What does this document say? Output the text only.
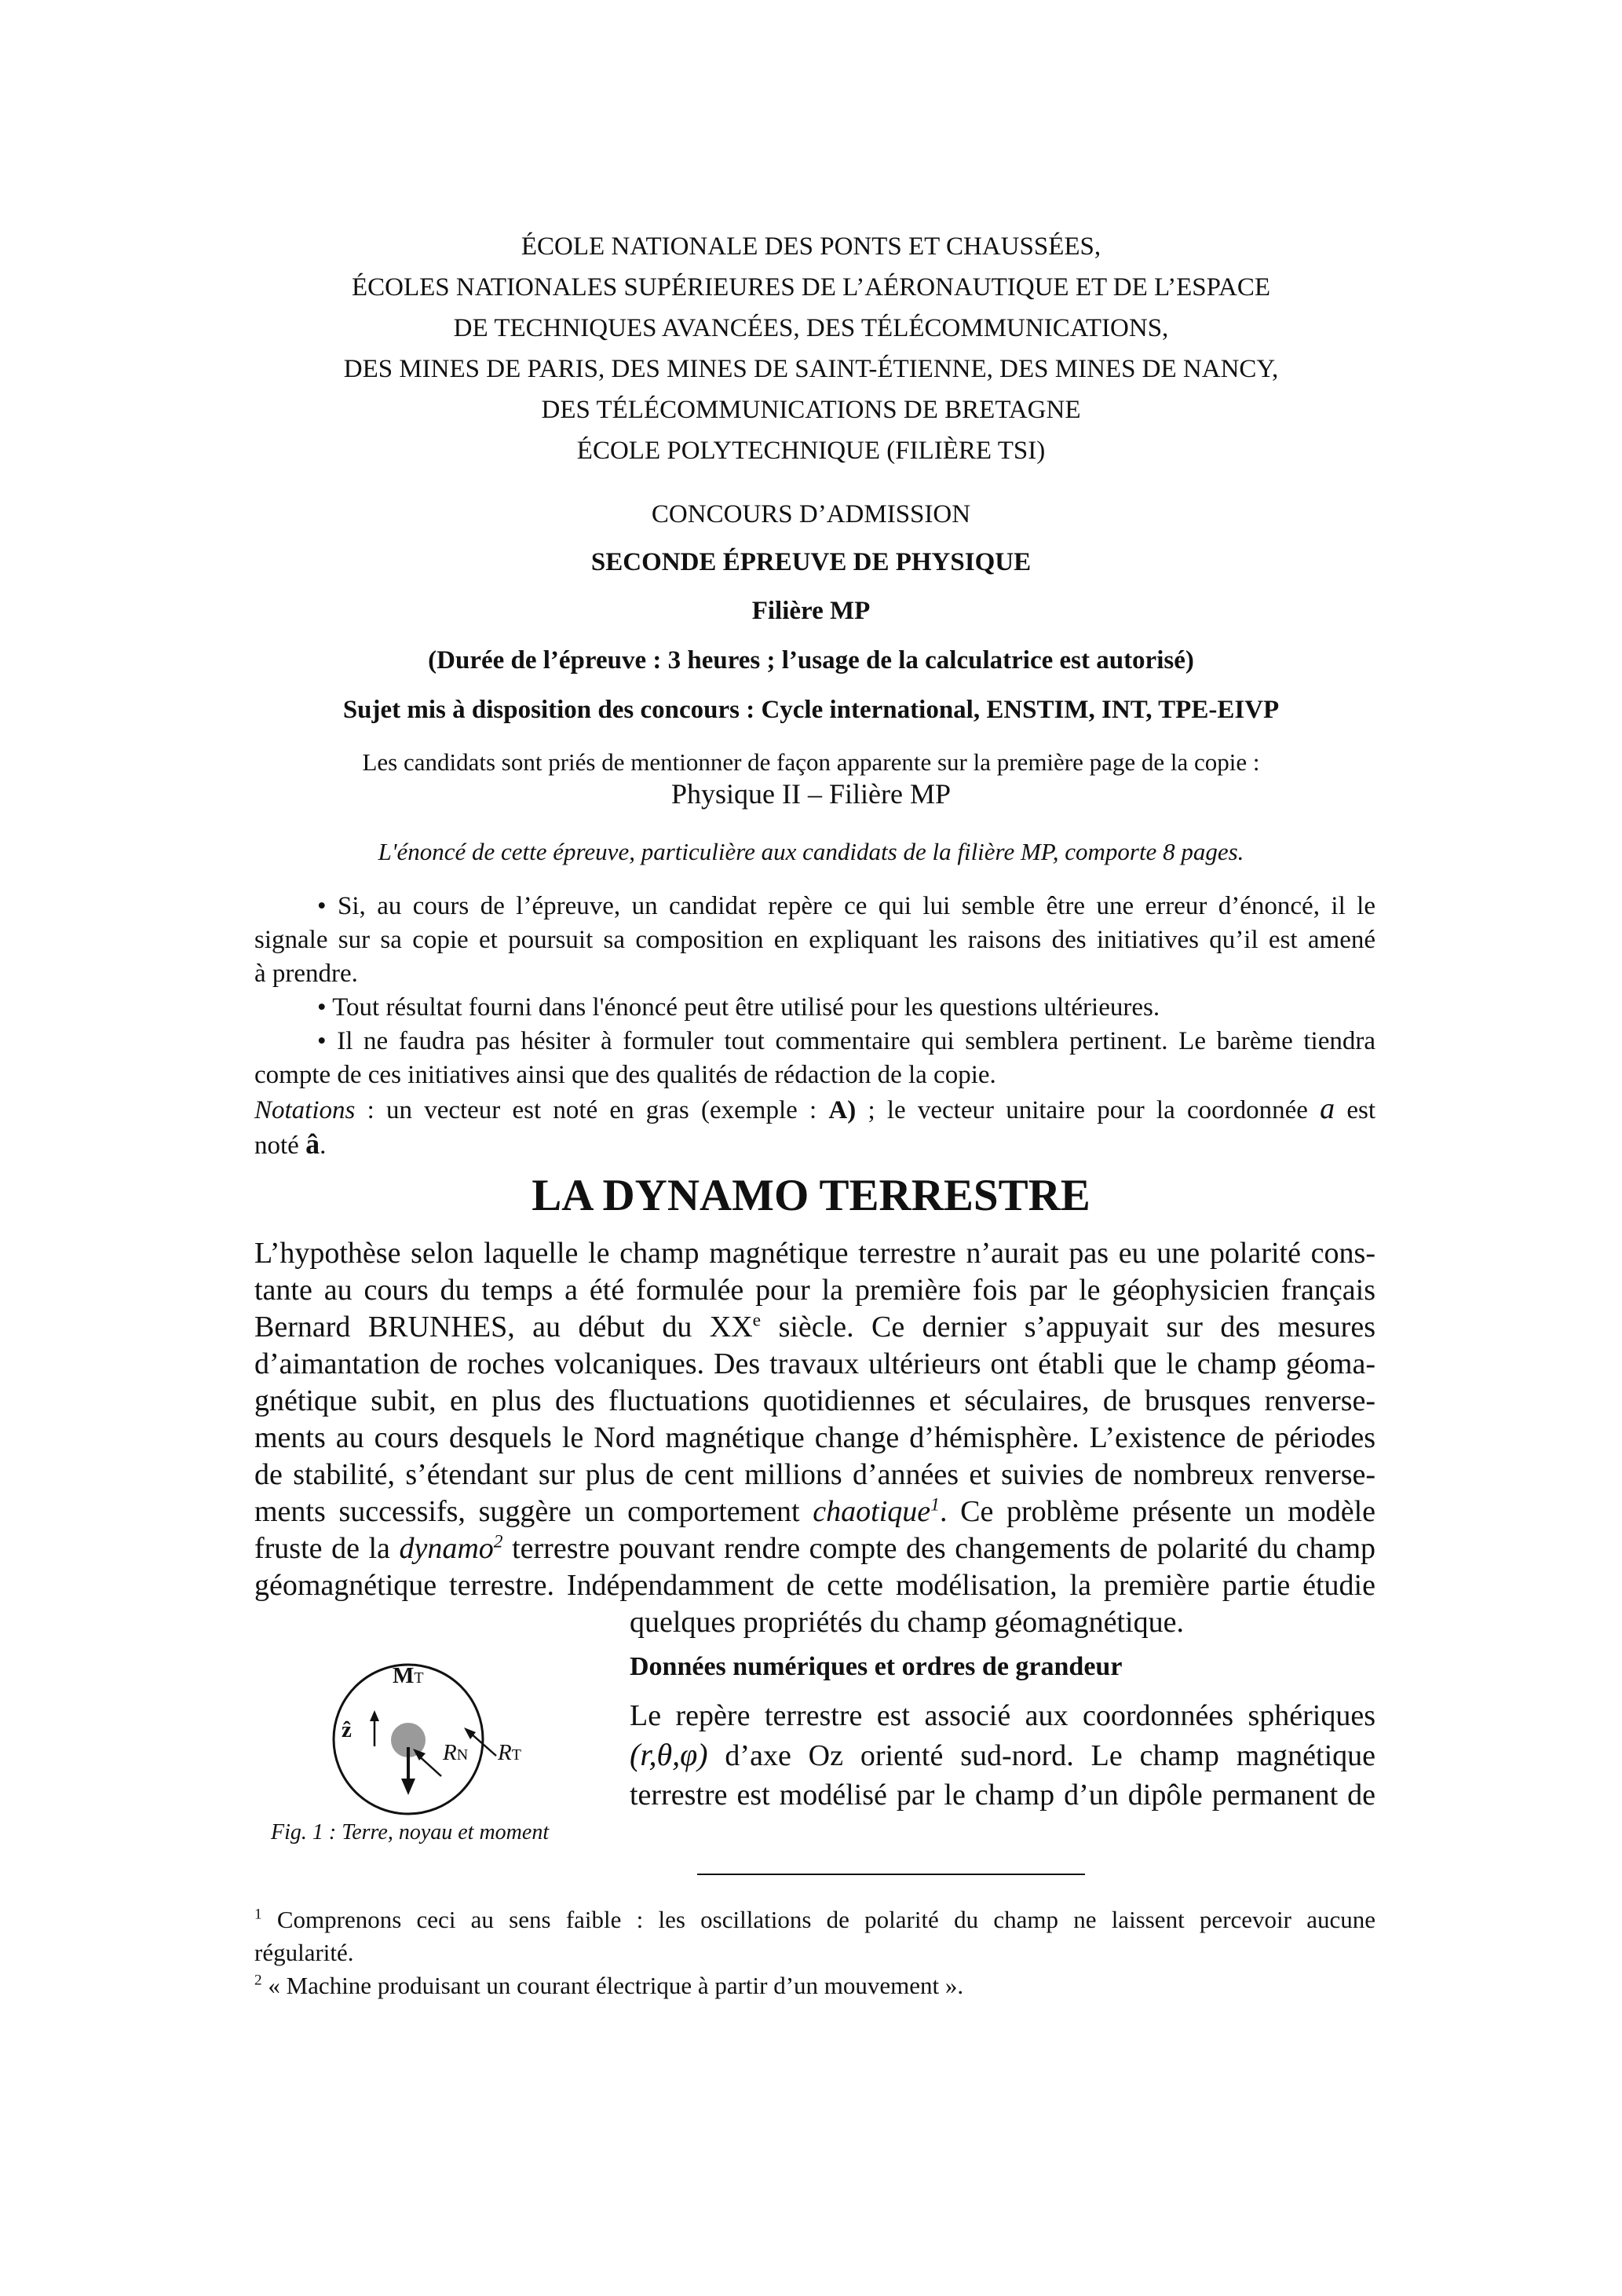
ÉCOLE NATIONALE DES PONTS ET CHAUSSÉES,
ÉCOLES NATIONALES SUPÉRIEURES DE L’AÉRONAUTIQUE ET DE L’ESPACE
DE TECHNIQUES AVANCÉES, DES TÉLÉCOMMUNICATIONS,
DES MINES DE PARIS, DES MINES DE SAINT-ÉTIENNE, DES MINES DE NANCY,
DES TÉLÉCOMMUNICATIONS DE BRETAGNE
ÉCOLE POLYTECHNIQUE (FILIÈRE TSI)
CONCOURS D’ADMISSION
SECONDE ÉPREUVE DE PHYSIQUE
Filière MP
(Durée de l’épreuve : 3 heures ; l’usage de la calculatrice est autorisé)
Sujet mis à disposition des concours : Cycle international, ENSTIM, INT, TPE-EIVP
Les candidats sont priés de mentionner de façon apparente sur la première page de la copie :
Physique II – Filière MP
L'énoncé de cette épreuve, particulière aux candidats de la filière MP, comporte 8 pages.
• Si, au cours de l’épreuve, un candidat repère ce qui lui semble être une erreur d’énoncé, il le
signale sur sa copie et poursuit sa composition en expliquant les raisons des initiatives qu’il est amené
à prendre.
• Tout résultat fourni dans l'énoncé peut être utilisé pour les questions ultérieures.
• Il ne faudra pas hésiter à formuler tout commentaire qui semblera pertinent. Le barème tiendra
compte de ces initiatives ainsi que des qualités de rédaction de la copie.
Notations : un vecteur est noté en gras (exemple : A) ; le vecteur unitaire pour la coordonnée a est
noté â.
LA DYNAMO TERRESTRE
L’hypothèse selon laquelle le champ magnétique terrestre n’aurait pas eu une polarité cons-
tante au cours du temps a été formulée pour la première fois par le géophysicien français
Bernard BRUNHES, au début du XXe siècle. Ce dernier s’appuyait sur des mesures
d’aimantation de roches volcaniques. Des travaux ultérieurs ont établi que le champ géoma-
gnétique subit, en plus des fluctuations quotidiennes et séculaires, de brusques renverse-
ments au cours desquels le Nord magnétique change d’hémisphère. L’existence de périodes
de stabilité, s’étendant sur plus de cent millions d’années et suivies de nombreux renverse-
ments successifs, suggère un comportement chaotique$^1$. Ce problème présente un modèle
fruste de la dynamo$^2$ terrestre pouvant rendre compte des changements de polarité du champ
géomagnétique terrestre. Indépendamment de cette modélisation, la première partie étudie
quelques propriétés du champ géomagnétique.
MT
ẑ
RN RT
Fig. 1 : Terre, noyau et moment
Données numériques et ordres de grandeur
Le repère terrestre est associé aux coordonnées sphériques
(r,θ,φ) d’axe Oz orienté sud-nord. Le champ magnétique
terrestre est modélisé par le champ d’un dipôle permanent de
$^1$ Comprenons ceci au sens faible : les oscillations de polarité du champ ne laissent percevoir aucune
régularité.
$^2$ « Machine produisant un courant électrique à partir d’un mouvement ».
